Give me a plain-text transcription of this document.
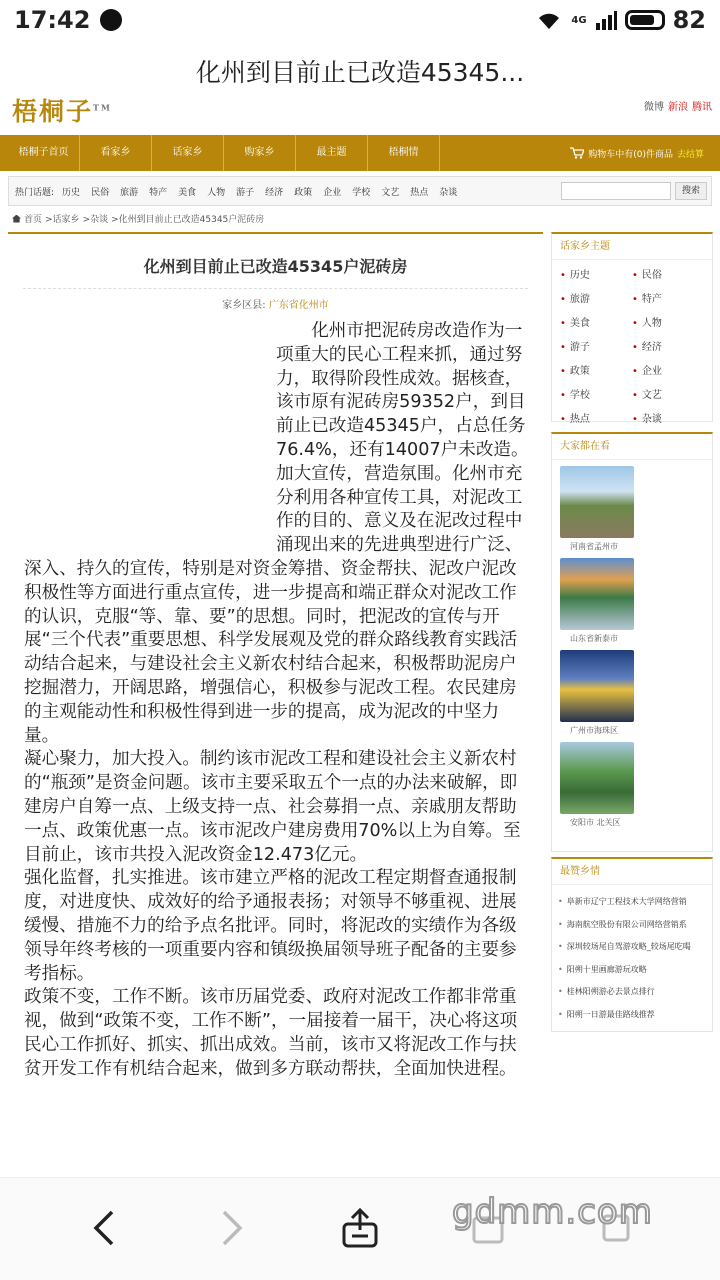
17:42	4G	82
化州到目前止已改造45345...
梧桐子™	微博 新浪 腾讯
梧桐子首页	看家乡	话家乡	购家乡	最主题	梧桐情	购物车中有(0)件商品 去结算
热门话题: 历史 民俗 旅游 特产 美食 人物 游子 经济 政策 企业 学校 文艺 热点 杂谈	搜索
首页 >话家乡 >杂谈 >化州到目前止已改造45345户泥砖房
化州到目前止已改造45345户泥砖房
家乡区县: 广东省化州市

化州市把泥砖房改造作为一项重大的民心工程来抓，通过努力，取得阶段性成效。据核查，该市原有泥砖房59352户，到目前止已改造45345户，占总任务76.4%，还有14007户未改造。

加大宣传，营造氛围。化州市充分利用各种宣传工具，对泥改工作的目的、意义及在泥改过程中涌现出来的先进典型进行广泛、深入、持久的宣传，特别是对资金筹措、资金帮扶、泥改户泥改积极性等方面进行重点宣传，进一步提高和端正群众对泥改工作的认识，克服“等、靠、要”的思想。同时，把泥改的宣传与开展“三个代表”重要思想、科学发展观及党的群众路线教育实践活动结合起来，与建设社会主义新农村结合起来，积极帮助泥房户挖掘潜力，开阔思路，增强信心，积极参与泥改工程。农民建房的主观能动性和积极性得到进一步的提高，成为泥改的中坚力量。

凝心聚力，加大投入。制约该市泥改工程和建设社会主义新农村的“瓶颈”是资金问题。该市主要采取五个一点的办法来破解，即建房户自筹一点、上级支持一点、社会募捐一点、亲戚朋友帮助一点、政策优惠一点。该市泥改户建房费用70%以上为自筹。至目前止，该市共投入泥改资金12.473亿元。

强化监督，扎实推进。该市建立严格的泥改工程定期督查通报制度，对进度快、成效好的给予通报表扬；对领导不够重视、进展缓慢、措施不力的给予点名批评。同时，将泥改的实绩作为各级领导年终考核的一项重要内容和镇级换届领导班子配备的主要参考指标。

政策不变，工作不断。该市历届党委、政府对泥改工作都非常重视，做到“政策不变，工作不断”，一届接着一届干，决心将这项民心工作抓好、抓实、抓出成效。当前，该市又将泥改工作与扶贫开发工作有机结合起来，做到多方联动帮扶，全面加快进程。

话家乡主题
• 历史	• 民俗
• 旅游	• 特产
• 美食	• 人物
• 游子	• 经济
• 政策	• 企业
• 学校	• 文艺
• 热点	• 杂谈
大家都在看
河南省孟州市
山东省新泰市
广州市海珠区
安阳市 北关区
最赞乡情
• 阜新市辽宁工程技术大学网络营销
• 海南航空股份有限公司网络营销系
• 深圳较场尾自驾游攻略_较场尾吃喝
• 阳朔十里画廊游玩攻略
• 桂林阳朔游必去景点排行
• 阳朔一日游最佳路线推荐
gdmm.com
